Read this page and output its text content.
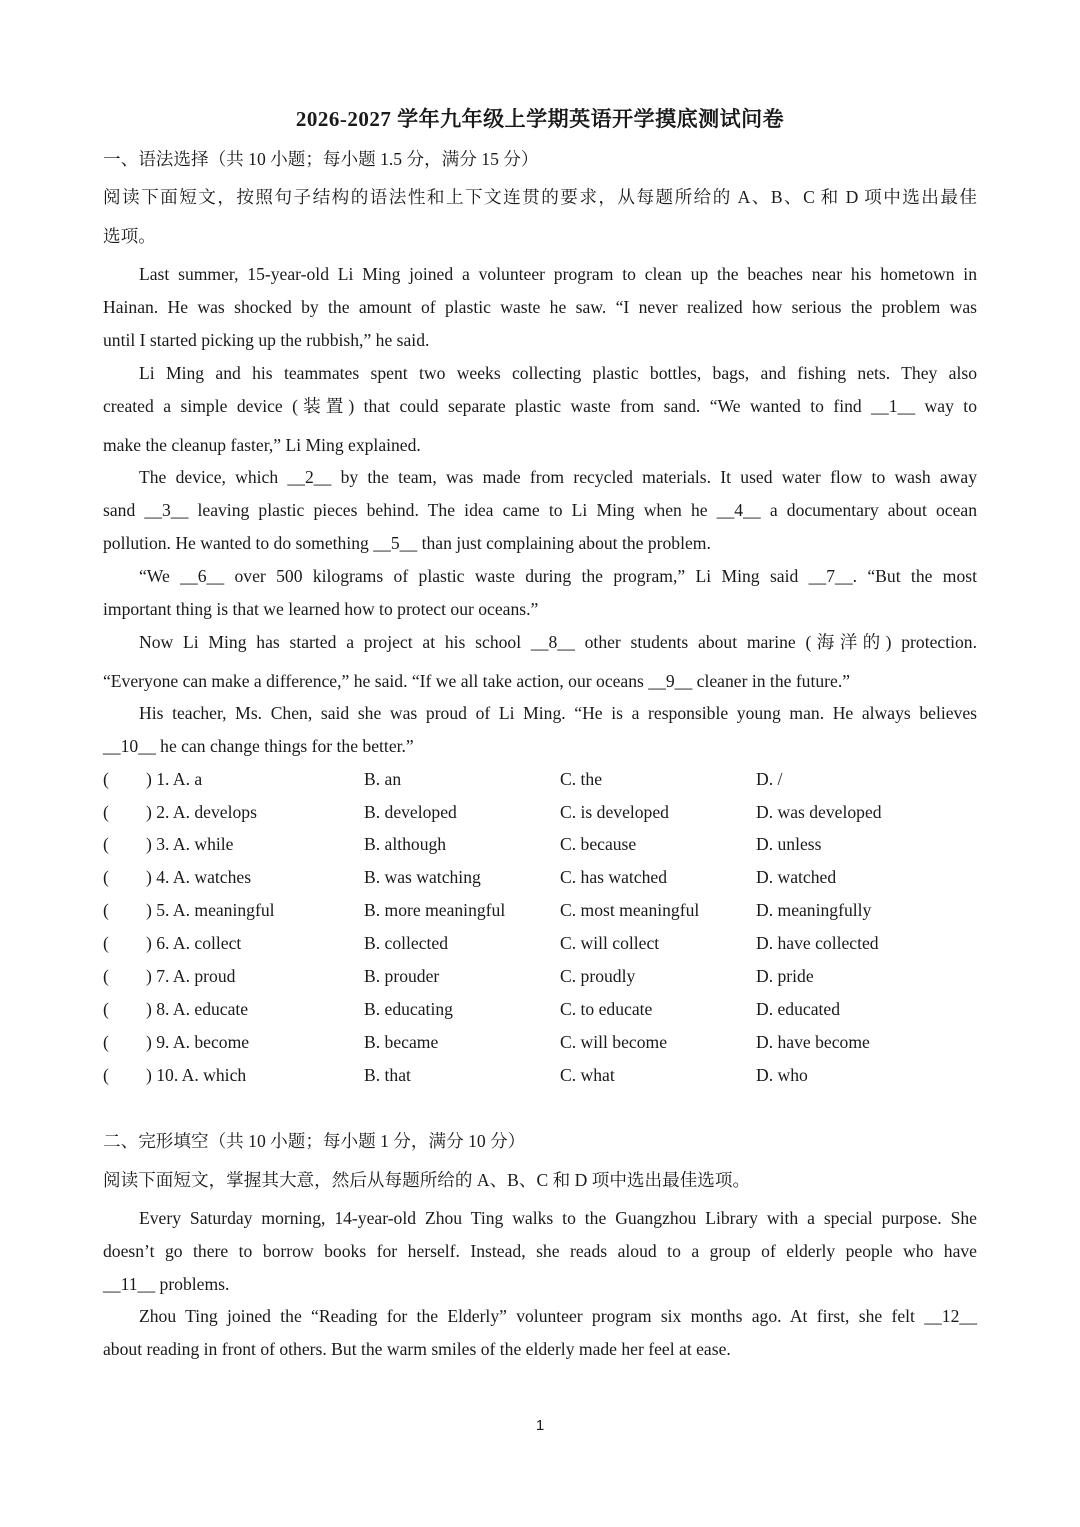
2026-2027 学年九年级上学期英语开学摸底测试问卷
一、语法选择（共 10 小题；每小题 1.5 分，满分 15 分）
阅读下面短文，按照句子结构的语法性和上下文连贯的要求，从每题所给的 A、B、C 和 D 项中选出最佳
选项。
Last summer, 15-year-old Li Ming joined a volunteer program to clean up the beaches near his hometown in
Hainan. He was shocked by the amount of plastic waste he saw. “I never realized how serious the problem was
until I started picking up the rubbish,” he said.
Li Ming and his teammates spent two weeks collecting plastic bottles, bags, and fishing nets. They also
created a simple device (装置) that could separate plastic waste from sand. “We wanted to find __1__ way to
make the cleanup faster,” Li Ming explained.
The device, which __2__ by the team, was made from recycled materials. It used water flow to wash away
sand __3__ leaving plastic pieces behind. The idea came to Li Ming when he __4__ a documentary about ocean
pollution. He wanted to do something __5__ than just complaining about the problem.
“We __6__ over 500 kilograms of plastic waste during the program,” Li Ming said __7__. “But the most
important thing is that we learned how to protect our oceans.”
Now Li Ming has started a project at his school __8__ other students about marine (海洋的) protection.
“Everyone can make a difference,” he said. “If we all take action, our oceans __9__ cleaner in the future.”
His teacher, Ms. Chen, said she was proud of Li Ming. “He is a responsible young man. He always believes
__10__ he can change things for the better.”
( ) 1. A. a	B. an	C. the	D. /
( ) 2. A. develops	B. developed	C. is developed	D. was developed
( ) 3. A. while	B. although	C. because	D. unless
( ) 4. A. watches	B. was watching	C. has watched	D. watched
( ) 5. A. meaningful	B. more meaningful	C. most meaningful	D. meaningfully
( ) 6. A. collect	B. collected	C. will collect	D. have collected
( ) 7. A. proud	B. prouder	C. proudly	D. pride
( ) 8. A. educate	B. educating	C. to educate	D. educated
( ) 9. A. become	B. became	C. will become	D. have become
( ) 10. A. which	B. that	C. what	D. who
二、完形填空（共 10 小题；每小题 1 分，满分 10 分）
阅读下面短文，掌握其大意，然后从每题所给的 A、B、C 和 D 项中选出最佳选项。
Every Saturday morning, 14-year-old Zhou Ting walks to the Guangzhou Library with a special purpose. She
doesn’t go there to borrow books for herself. Instead, she reads aloud to a group of elderly people who have
__11__ problems.
Zhou Ting joined the “Reading for the Elderly” volunteer program six months ago. At first, she felt __12__
about reading in front of others. But the warm smiles of the elderly made her feel at ease.
1
